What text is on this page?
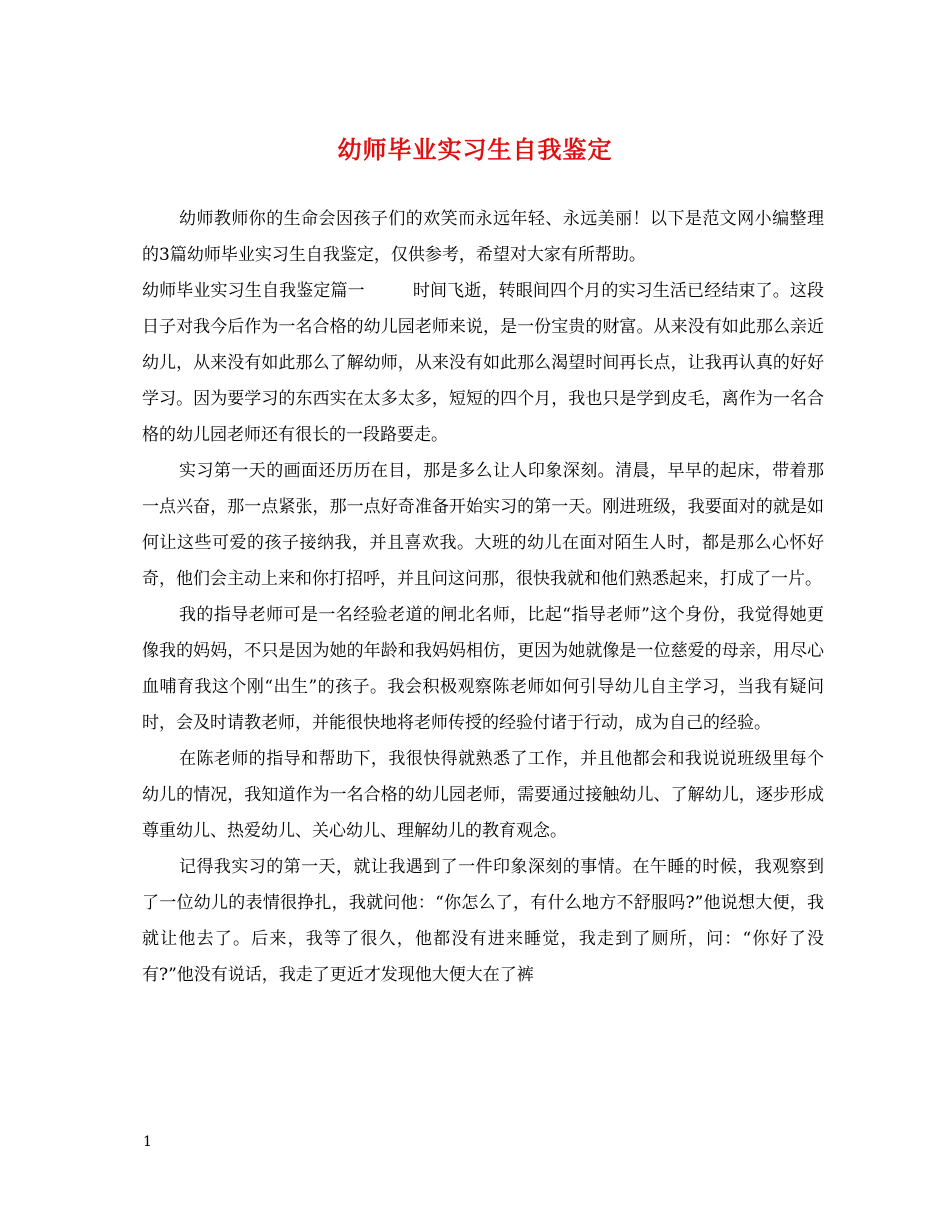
幼师毕业实习生自我鉴定

幼师教师你的生命会因孩子们的欢笑而永远年轻、永远美丽！以下是范文网小编整理的3篇幼师毕业实习生自我鉴定，仅供参考，希望对大家有所帮助。

幼师毕业实习生自我鉴定篇一	时间飞逝，转眼间四个月的实习生活已经结束了。这段日子对我今后作为一名合格的幼儿园老师来说，是一份宝贵的财富。从来没有如此那么亲近幼儿，从来没有如此那么了解幼师，从来没有如此那么渴望时间再长点，让我再认真的好好学习。因为要学习的东西实在太多太多，短短的四个月，我也只是学到皮毛，离作为一名合格的幼儿园老师还有很长的一段路要走。

实习第一天的画面还历历在目，那是多么让人印象深刻。清晨，早早的起床，带着那一点兴奋，那一点紧张，那一点好奇准备开始实习的第一天。刚进班级，我要面对的就是如何让这些可爱的孩子接纳我，并且喜欢我。大班的幼儿在面对陌生人时，都是那么心怀好奇，他们会主动上来和你打招呼，并且问这问那，很快我就和他们熟悉起来，打成了一片。

我的指导老师可是一名经验老道的闸北名师，比起“指导老师”这个身份，我觉得她更像我的妈妈，不只是因为她的年龄和我妈妈相仿，更因为她就像是一位慈爱的母亲，用尽心血哺育我这个刚“出生”的孩子。我会积极观察陈老师如何引导幼儿自主学习，当我有疑问时，会及时请教老师，并能很快地将老师传授的经验付诸于行动，成为自己的经验。

在陈老师的指导和帮助下，我很快得就熟悉了工作，并且他都会和我说说班级里每个幼儿的情况，我知道作为一名合格的幼儿园老师，需要通过接触幼儿、了解幼儿，逐步形成尊重幼儿、热爱幼儿、关心幼儿、理解幼儿的教育观念。

记得我实习的第一天，就让我遇到了一件印象深刻的事情。在午睡的时候，我观察到了一位幼儿的表情很挣扎，我就问他：“你怎么了，有什么地方不舒服吗?”他说想大便，我就让他去了。后来，我等了很久，他都没有进来睡觉，我走到了厕所，问：“你好了没有?”他没有说话，我走了更近才发现他大便大在了裤

1
